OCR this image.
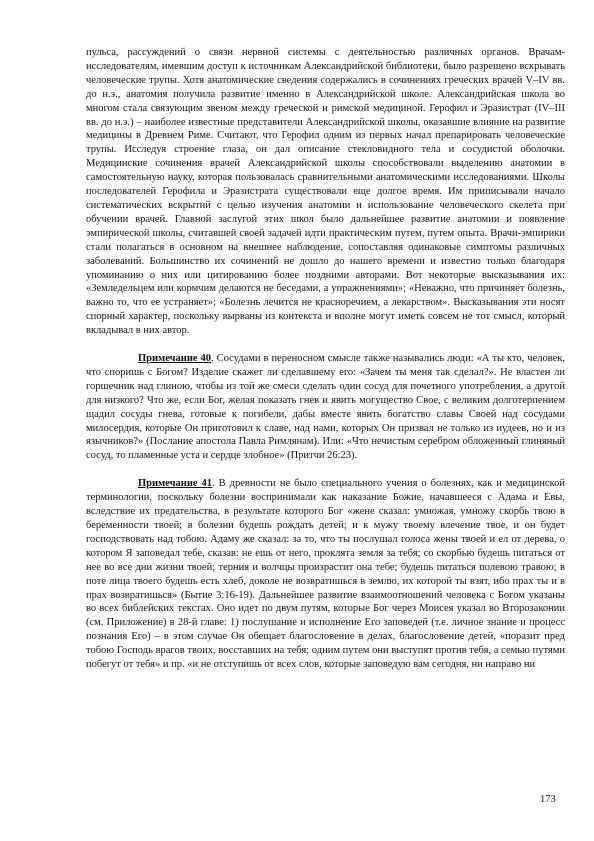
пульса, рассуждений о связи нервной системы с деятельностью различных органов. Врачам-исследователям, имевшим доступ к источникам Александрийской библиотеки, было разрешено вскрывать человеческие трупы. Хотя анатомические сведения содержались в сочинениях греческих врачей V–IV вв. до н.э., анатомия получила развитие именно в Александрийской школе. Александрийская школа во многом стала связующим звеном между греческой и римской медициной. Герофил и Эразистрат (IV–III вв. до н.э.) – наиболее известные представители Александрийской школы, оказавшие влияние на развитие медицины в Древнем Риме. Считают, что Герофил одним из первых начал препарировать человеческие трупы. Исследуя строение глаза, он дал описание стекловидного тела и сосудистой оболочки. Медицинские сочинения врачей Александрийской школы способствовали выделению анатомии в самостоятельную науку, которая пользовалась сравнительными анатомическими исследованиями. Школы последователей Герофила и Эразистрата существовали еще долгое время. Им приписывали начало систематических вскрытий с целью изучения анатомии и использование человеческого скелета при обучении врачей. Главной заслугой этих школ было дальнейшее развитие анатомии и появление эмпирической школы, считавшей своей задачей идти практическим путем, путем опыта. Врачи-эмпирики стали полагаться в основном на внешнее наблюдение, сопоставляя одинаковые симптомы различных заболеваний. Большинство их сочинений не дошло до нашего времени и известно только благодаря упоминанию о них или цитированию более поздними авторами. Вот некоторые высказывания их: «Земледельцем или кормчим делаются не беседами, а упражнениями»; «Неважно, что причиняет болезнь, важно то, что ее устраняет»; «Болезнь лечится не красноречием, а лекарством». Высказывания эти носят спорный характер, поскольку вырваны из контекста и вполне могут иметь совсем не тот смысл, который вкладывал в них автор.

Примечание 40. Сосудами в переносном смысле также назывались люди: «А ты кто, человек, что споришь с Богом? Изделие скажет ли сделавшему его: «Зачем ты меня так сделал?». Не властен ли горшечник над глиною, чтобы из той же смеси сделать один сосуд для почетного употребления, а другой для низкого? Что же, если Бог, желая показать гнев и явить могущество Свое, с великим долготерпением щадил сосуды гнева, готовые к погибели, дабы вместе явить богатство славы Своей над сосудами милосердия, которые Он приготовил к славе, над нами, которых Он призвал не только из иудеев, но и из язычников?» (Послание апостола Павла Римлянам). Или: «Что нечистым серебром обложенный глиняный сосуд, то пламенные уста и сердце злобное» (Притчи 26:23).

Примечание 41. В древности не было специального учения о болезнях, как и медицинской терминологии, поскольку болезни воспринимали как наказание Божие, начавшееся с Адама и Евы, вследствие их предательства, в результате которого Бог «жене сказал: умножая, умножу скорбь твою в беременности твоей; в болезни будешь рождать детей; и к мужу твоему влечение твое, и он будет господствовать над тобою. Адаму же сказал: за то, что ты послушал голоса жены твоей и ел от дерева, о котором Я заповедал тебе, сказав: не ешь от него, проклята земля за тебя; со скорбью будешь питаться от нее во все дни жизни твоей; терния и волчцы произрастит она тебе; будешь питаться полевою травою; в поте лица твоего будешь есть хлеб, доколе не возвратишься в землю, их которой ты взят, ибо прах ты и в прах возвратишься» (Бытие 3:16-19). Дальнейшее развитие взаимоотношений человека с Богом указаны во всех библейских текстах. Оно идет по двум путям, которые Бог через Моисея указал во Второзаконии (см. Приложение) в 28-й главе: 1) послушание и исполнение Его заповедей (т.е. личное знание и процесс познания Его) – в этом случае Он обещает благословение в делах, благословение детей, «поразит пред тобою Господь врагов твоих, восставших на тебя; одним путем они выступят против тебя, а семью путями побегут от тебя» и пр. «и не отступишь от всех слов, которые заповедую вам сегодня, ни направо ни

173
